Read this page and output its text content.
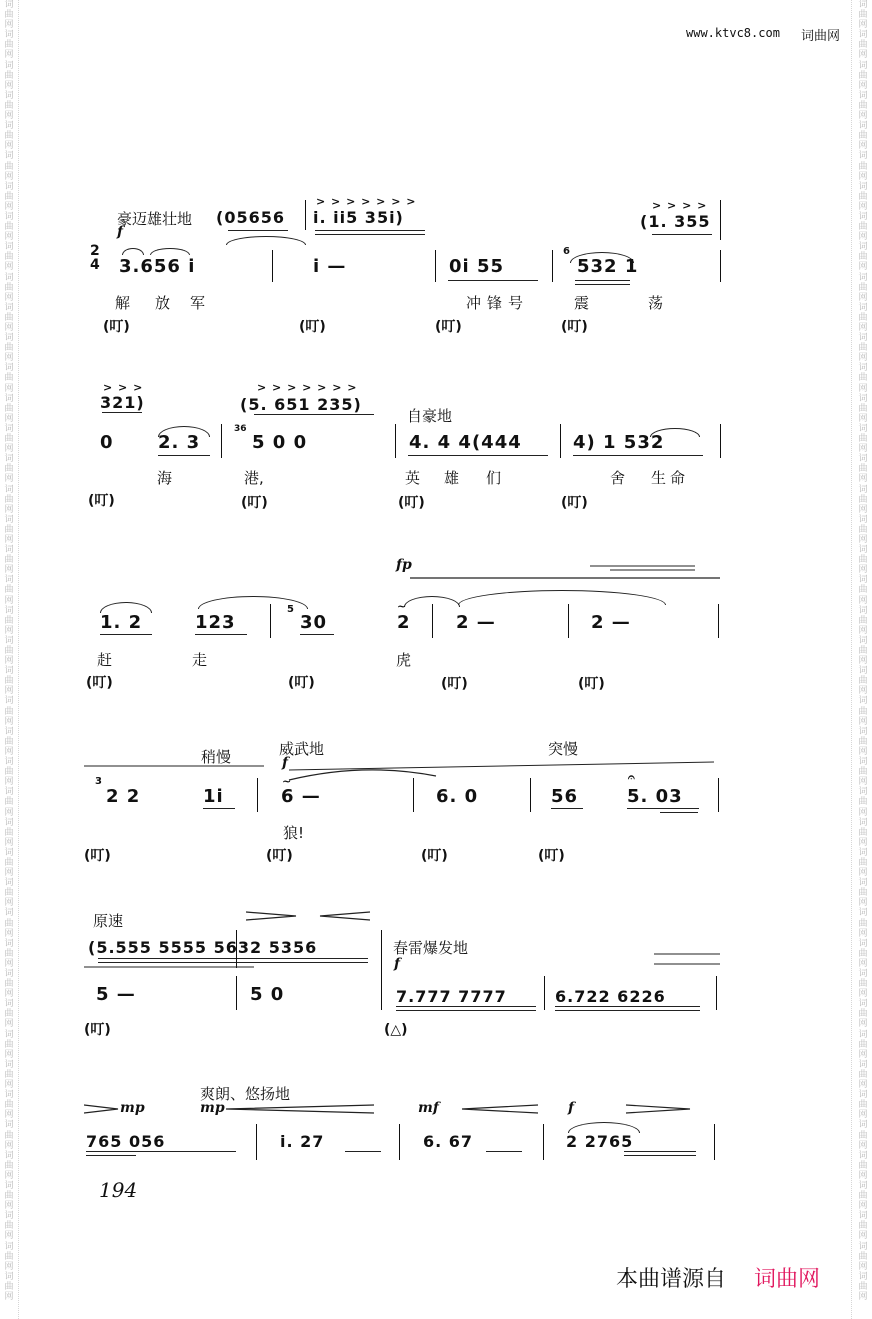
词曲网词曲网词曲网词曲网词曲网词曲网词曲网词曲网词曲网词曲网词曲网词曲网词曲网词曲网词曲网词曲网词曲网词曲网词曲网词曲网词曲网词曲网词曲网词曲网词曲网词曲网词曲网词曲网词曲网词曲网词曲网词曲网词曲网词曲网词曲网词曲网词曲网词曲网词曲网词曲网词曲网词曲网词曲网
词曲网词曲网词曲网词曲网词曲网词曲网词曲网词曲网词曲网词曲网词曲网词曲网词曲网词曲网词曲网词曲网词曲网词曲网词曲网词曲网词曲网词曲网词曲网词曲网词曲网词曲网词曲网词曲网词曲网词曲网词曲网词曲网词曲网词曲网词曲网词曲网词曲网词曲网词曲网词曲网词曲网词曲网词曲网
www.ktvc8.com 词曲网
豪迈雄壮地
f
> > > > > > >
(05656 i. ii5 35i)
> > > >
(1. 355
2
4 3.656 i	i —	0i 55
6
532 1
解 放 军	冲 锋 号	震	荡
(叮)	(叮)	(叮)	(叮)
> > >
321)
> > > > > > >
(5. 651 235)
自豪地
0 2. 3
36
5 0 0	4. 4 4(444	4) 1 532
海	港,	英 雄 们	舍 生 命
(叮)	(叮)	(叮)	(叮)
fp
1. 2	123
5
30
~
2	2 —	2 —
赶	走	虎
(叮)	(叮)	(叮)	(叮)
稍慢	威武地	突慢
f
3
2 2	1i
~
6 —	6. 0	56
𝄐
5. 03
狼!
(叮)	(叮)	(叮)	(叮)
原速
(5.555 5555 5632 5356	春雷爆发地
f
5 —	5 0	7.777 7777	6.722 6226
(叮)	(△)
爽朗、悠扬地
mp	mp	mf	f
765 056	i. 27	6. 67	2 2765
194
本曲谱源自 词曲网
